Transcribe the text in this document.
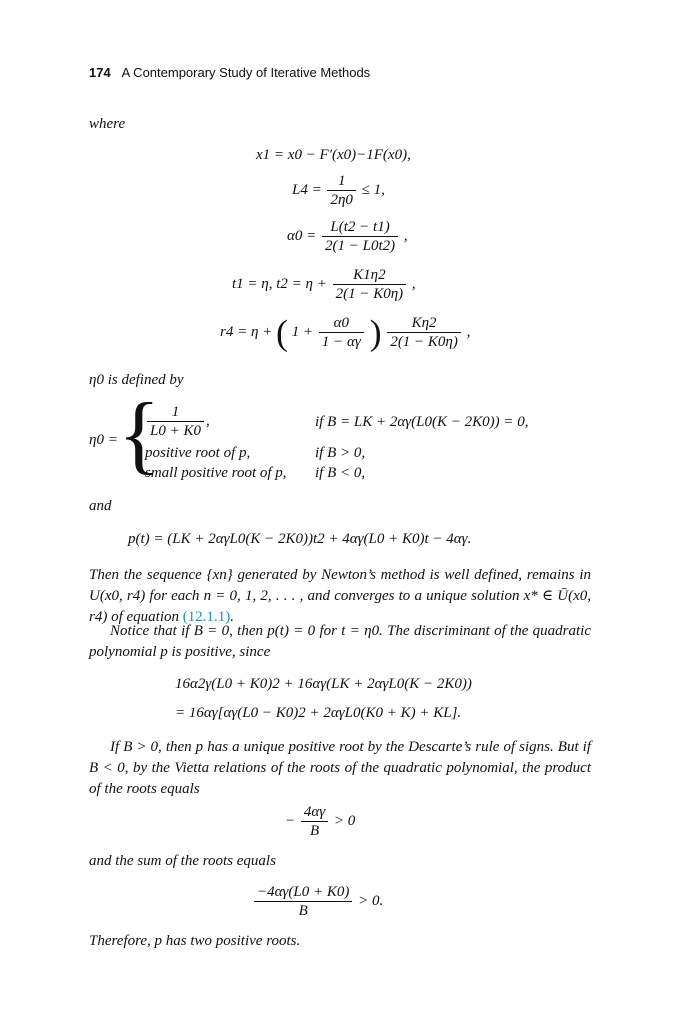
174 A Contemporary Study of Iterative Methods
where
x1 = x0 − F′(x0)−1F(x0),
$L4 = \frac{1}{2\eta 0} \le 1$,
$\alpha 0 = \frac{L(t2 - t1)}{2(1 - L0t2)}$ ,
t1 = η, $t2 = \eta + \frac{K1\eta 2}{2(1 - K0\eta)}$ ,
r4 = η + ( $1 + \frac{\alpha 0}{1 - \alpha\gamma}$ ) $\frac{K\eta 2}{2(1 - K0\eta)}$ ,
η0 is defined by
η0 = {
$\frac{1}{L0 + K0}$ ,	if B = LK + 2αγ(L0(K − 2K0)) = 0,
positive root of p,	if B > 0,
small positive root of p, if B < 0,
and
p(t) = (LK + 2αγL0(K − 2K0))t2 + 4αγ(L0 + K0)t − 4αγ.
Then the sequence {xn} generated by Newton’s method is well defined, remains in U(x0, r4) for each n = 0, 1, 2, . . . , and converges to a unique solution x* ∈ Ū(x0, r4) of equation (12.1.1).
Notice that if B = 0, then p(t) = 0 for t = η0. The discriminant of the quadratic polynomial p is positive, since
16α2γ(L0 + K0)2 + 16αγ(LK + 2αγL0(K − 2K0))
= 16αγ[αγ(L0 − K0)2 + 2αγL0(K0 + K) + KL].
If B > 0, then p has a unique positive root by the Descarte’s rule of signs. But if B < 0, by the Vietta relations of the roots of the quadratic polynomial, the product of the roots equals
− $\frac{4\alpha\gamma}{B} > 0$
and the sum of the roots equals
$\frac{-4\alpha\gamma(L0 + K0)}{B} > 0$.
Therefore, p has two positive roots.
